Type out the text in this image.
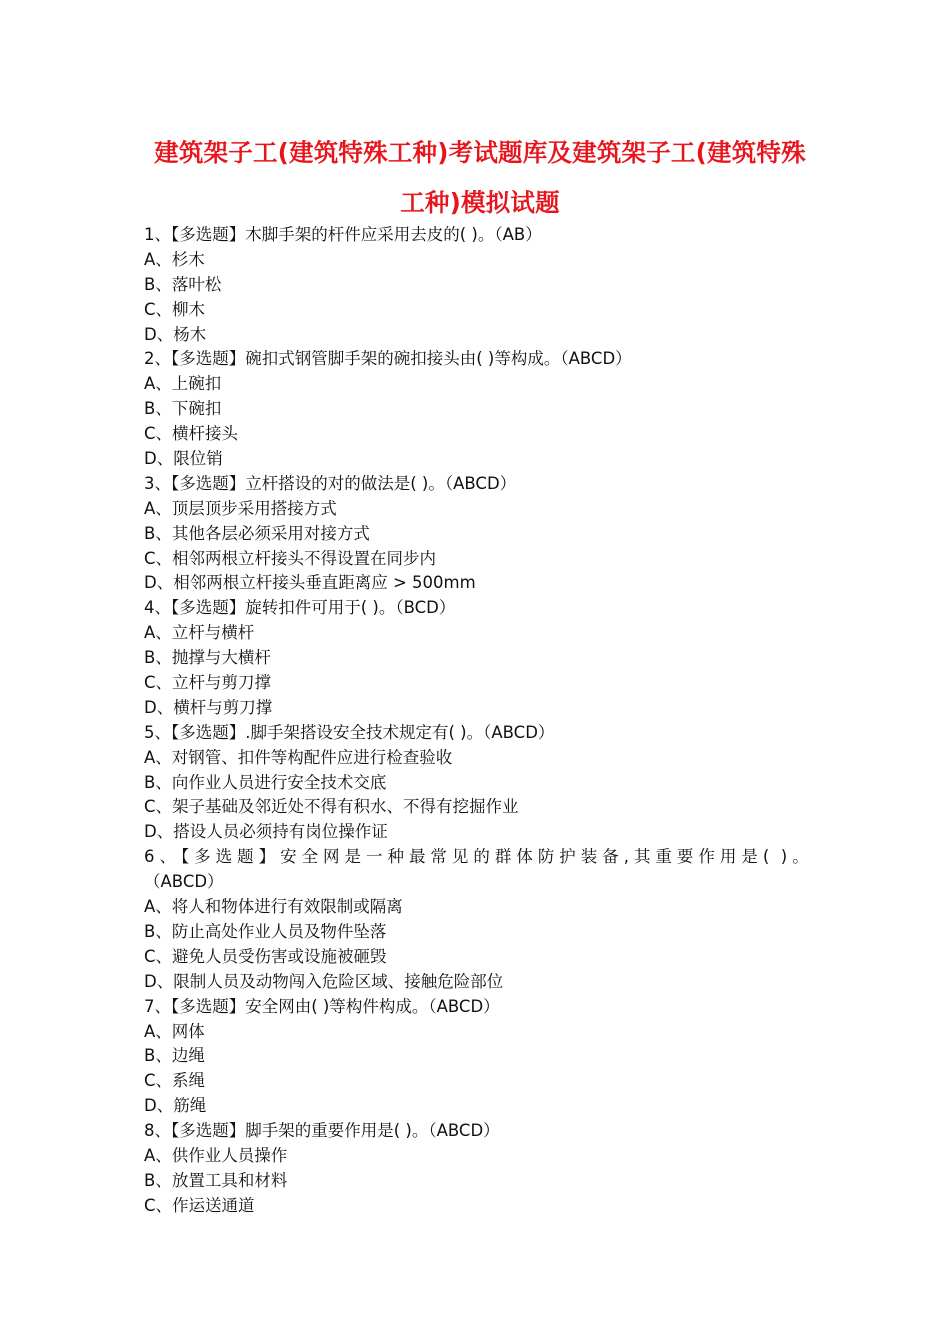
建筑架子工(建筑特殊工种)考试题库及建筑架子工(建筑特殊
工种)模拟试题
1、【多选题】木脚手架的杆件应采用去皮的( )。（AB）
A、杉木
B、落叶松
C、柳木
D、杨木
2、【多选题】碗扣式钢管脚手架的碗扣接头由( )等构成。（ABCD）
A、上碗扣
B、下碗扣
C、横杆接头
D、限位销
3、【多选题】立杆搭设的对的做法是( )。（ABCD）
A、顶层顶步采用搭接方式
B、其他各层必须采用对接方式
C、相邻两根立杆接头不得设置在同步内
D、相邻两根立杆接头垂直距离应 > 500mm
4、【多选题】旋转扣件可用于( )。（BCD）
A、立杆与横杆
B、抛撑与大横杆
C、立杆与剪刀撑
D、横杆与剪刀撑
5、【多选题】.脚手架搭设安全技术规定有( )。（ABCD）
A、对钢管、扣件等构配件应进行检查验收
B、向作业人员进行安全技术交底
C、架子基础及邻近处不得有积水、不得有挖掘作业
D、搭设人员必须持有岗位操作证
6、【多选题】安全网是一种最常见的群体防护装备,其重要作用是( )。
（ABCD）
A、将人和物体进行有效限制或隔离
B、防止高处作业人员及物件坠落
C、避免人员受伤害或设施被砸毁
D、限制人员及动物闯入危险区域、接触危险部位
7、【多选题】安全网由( )等构件构成。（ABCD）
A、网体
B、边绳
C、系绳
D、筋绳
8、【多选题】脚手架的重要作用是( )。（ABCD）
A、供作业人员操作
B、放置工具和材料
C、作运送通道
